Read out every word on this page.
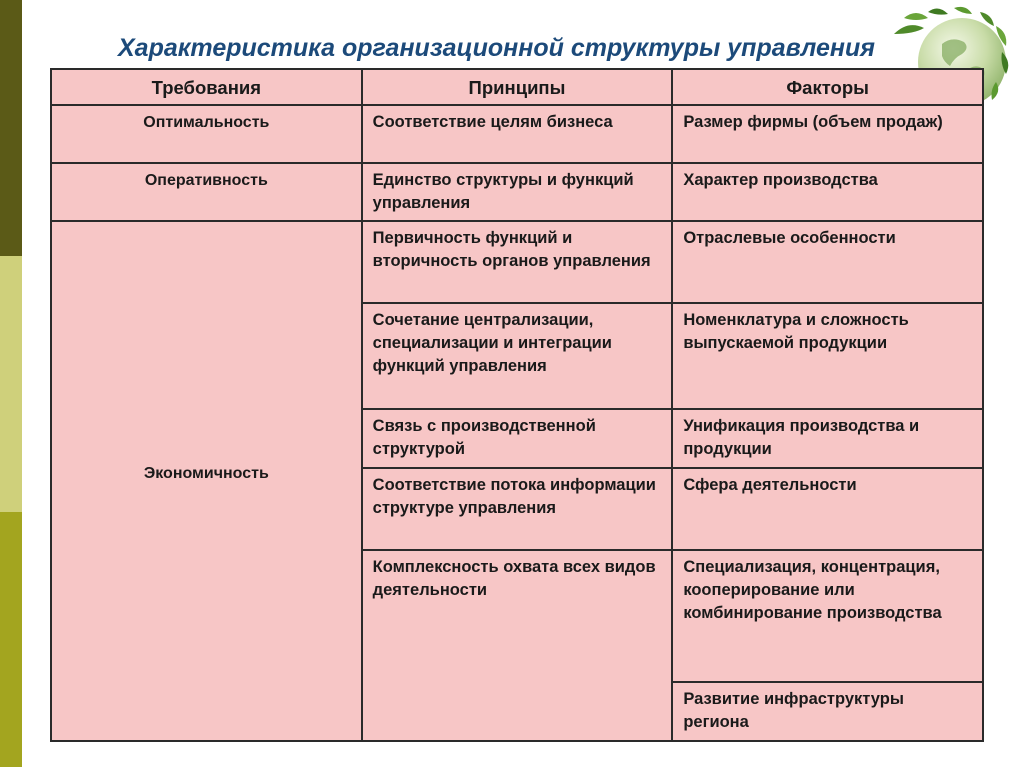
Характеристика организационной структуры управления
Требования	Принципы	Факторы
Оптимальность	Соответствие целям бизнеса	Размер фирмы (объем продаж)
Оперативность	Единство структуры и функций управления	Характер производства
Экономичность	Первичность функций и вторичность органов управления	Отраслевые особенности
	Сочетание централизации, специализации и интеграции функций управления	Номенклатура и сложность выпускаемой продукции
	Связь с производственной структурой	Унификация производства и продукции
	Соответствие потока информации структуре управления	Сфера деятельности
	Комплексность охвата всех видов деятельности	Специализация, концентрация, кооперирование или комбинирование производства
		Развитие инфраструктуры региона
